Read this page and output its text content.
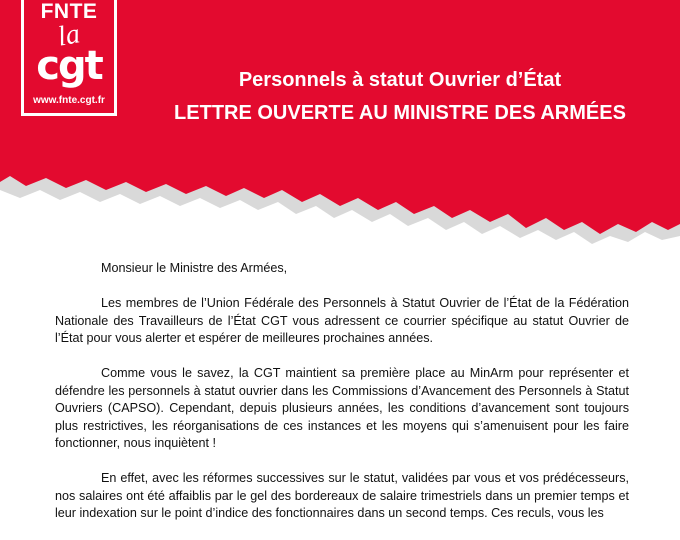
FNTE
la
cgt
www.fnte.cgt.fr
Personnels à statut Ouvrier d’État
LETTRE OUVERTE AU MINISTRE DES ARMÉES

Monsieur le Ministre des Armées,

Les membres de l’Union Fédérale des Personnels à Statut Ouvrier de l’État de la Fédération Nationale des Travailleurs de l’État CGT vous adressent ce courrier spécifique au statut Ouvrier de l’État pour vous alerter et espérer de meilleures prochaines années.

Comme vous le savez, la CGT maintient sa première place au MinArm pour représenter et défendre les personnels à statut ouvrier dans les Commissions d’Avancement des Personnels à Statut Ouvriers (CAPSO). Cependant, depuis plusieurs années, les conditions d’avancement sont toujours plus restrictives, les réorganisations de ces instances et les moyens qui s’amenuisent pour les faire fonctionner, nous inquiètent !

En effet, avec les réformes successives sur le statut, validées par vous et vos prédécesseurs, nos salaires ont été affaiblis par le gel des bordereaux de salaire trimestriels dans un premier temps et leur indexation sur le point d’indice des fonctionnaires dans un second temps. Ces reculs, vous les
